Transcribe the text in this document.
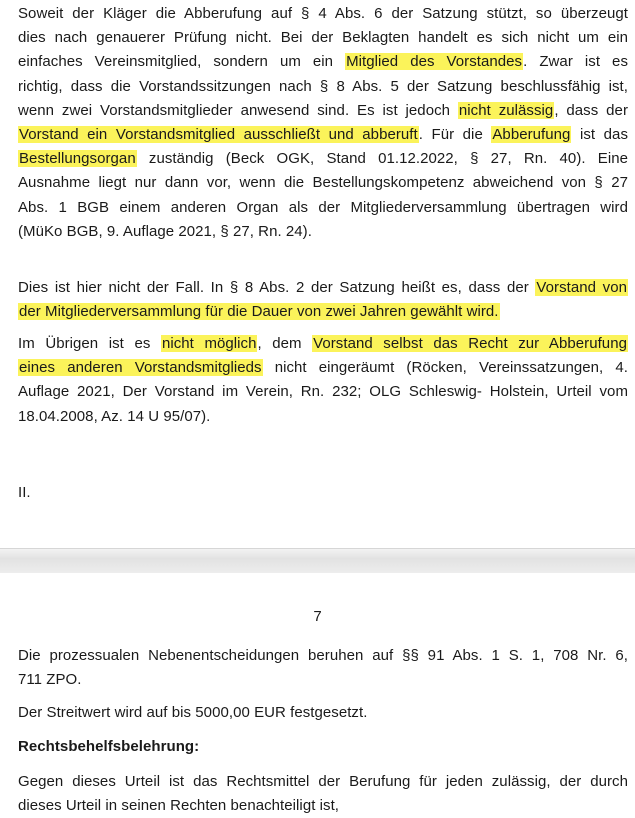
Soweit der Kläger die Abberufung auf § 4 Abs. 6 der Satzung stützt, so überzeugt
dies nach genauerer Prüfung nicht. Bei der Beklagten handelt es sich nicht um ein
einfaches Vereinsmitglied, sondern um ein Mitglied des Vorstandes. Zwar ist es
richtig, dass die Vorstandssitzungen nach § 8 Abs. 5 der Satzung beschlussfähig ist,
wenn zwei Vorstandsmitglieder anwesend sind. Es ist jedoch nicht zulässig, dass der
Vorstand ein Vorstandsmitglied ausschließt und abberuft. Für die Abberufung ist das
Bestellungsorgan zuständig (Beck OGK, Stand 01.12.2022, § 27, Rn. 40). Eine
Ausnahme liegt nur dann vor, wenn die Bestellungskompetenz abweichend von § 27
Abs. 1 BGB einem anderen Organ als der Mitgliederversammlung übertragen wird
(MüKo BGB, 9. Auflage 2021, § 27, Rn. 24).
Dies ist hier nicht der Fall. In § 8 Abs. 2 der Satzung heißt es, dass der Vorstand von
der Mitgliederversammlung für die Dauer von zwei Jahren gewählt wird.
Im Übrigen ist es nicht möglich, dem Vorstand selbst das Recht zur Abberufung
eines anderen Vorstandsmitglieds nicht eingeräumt (Röcken, Vereinssatzungen, 4.
Auflage 2021, Der Vorstand im Verein, Rn. 232; OLG Schleswig- Holstein, Urteil vom
18.04.2008, Az. 14 U 95/07).
II.
7
Die prozessualen Nebenentscheidungen beruhen auf §§ 91 Abs. 1 S. 1, 708 Nr. 6,
711 ZPO.
Der Streitwert wird auf bis 5000,00 EUR festgesetzt.
Rechtsbehelfsbelehrung:
Gegen dieses Urteil ist das Rechtsmittel der Berufung für jeden zulässig, der durch
dieses Urteil in seinen Rechten benachteiligt ist,
